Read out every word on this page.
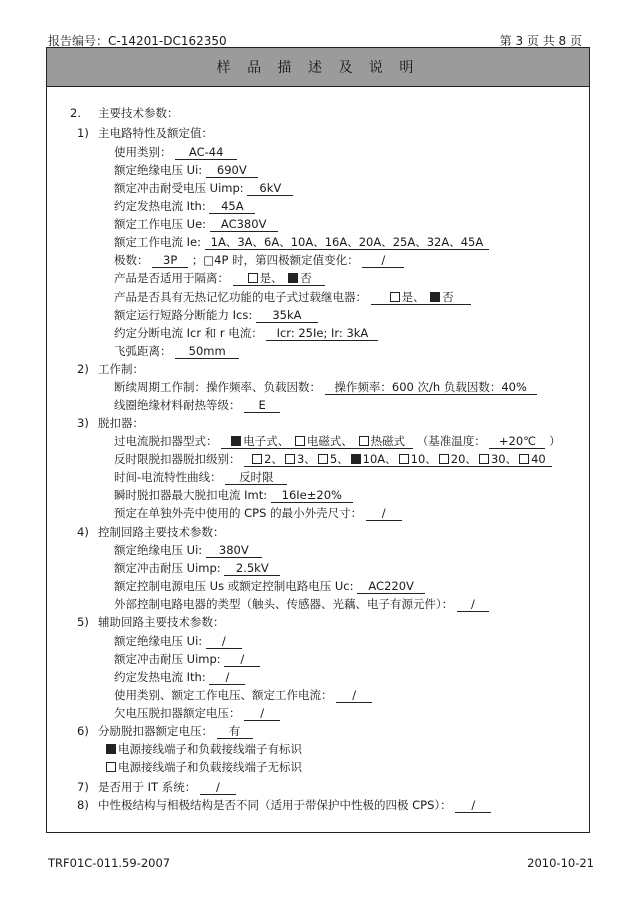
报告编号：C-14201-DC162350	第 3 页 共 8 页
样 品 描 述 及 说 明
2. 主要技术参数：
1) 主电路特性及额定值：
使用类别： AC-44
额定绝缘电压 Ui: 690V
额定冲击耐受电压 Uimp: 6kV
约定发热电流 Ith: 45A
额定工作电压 Ue: AC380V
额定工作电流 Ie: 1A、3A、6A、10A、16A、20A、25A、32A、45A
极数： 3P ；□4P 时，第四极额定值变化： /
产品是否适用于隔离：	是、 否
产品是否具有无热记忆功能的电子式过载继电器：	是、 否
额定运行短路分断能力 Ics: 35kA
约定分断电流 Icr 和 r 电流： Icr: 25Ie; Ir: 3kA
飞弧距离： 50mm
2) 工作制：
断续周期工作制：操作频率、负载因数： 操作频率：600 次/h 负载因数：40%
线圈绝缘材料耐热等级： E
3) 脱扣器：
过电流脱扣器型式： 电子式、 电磁式、 热磁式 （基准温度： +20℃ ）
反时限脱扣器脱扣级别： 2、 3、 5、 10A、 10、 20、 30、 40
时间-电流特性曲线： 反时限
瞬时脱扣器最大脱扣电流 Imt: 16Ie±20%
预定在单独外壳中使用的 CPS 的最小外壳尺寸： /
4) 控制回路主要技术参数：
额定绝缘电压 Ui: 380V
额定冲击耐压 Uimp: 2.5kV
额定控制电源电压 Us 或额定控制电路电压 Uc: AC220V
外部控制电路电器的类型（触头、传感器、光藕、电子有源元件）： /
5) 辅助回路主要技术参数：
额定绝缘电压 Ui: /
额定冲击耐压 Uimp: /
约定发热电流 Ith: /
使用类别、额定工作电压、额定工作电流： /
欠电压脱扣器额定电压： /
6) 分励脱扣器额定电压： 有
电源接线端子和负载接线端子有标识
电源接线端子和负载接线端子无标识
7) 是否用于 IT 系统： /
8) 中性极结构与相极结构是否不同（适用于带保护中性极的四极 CPS）： /
TRF01C-011.59-2007	2010-10-21
